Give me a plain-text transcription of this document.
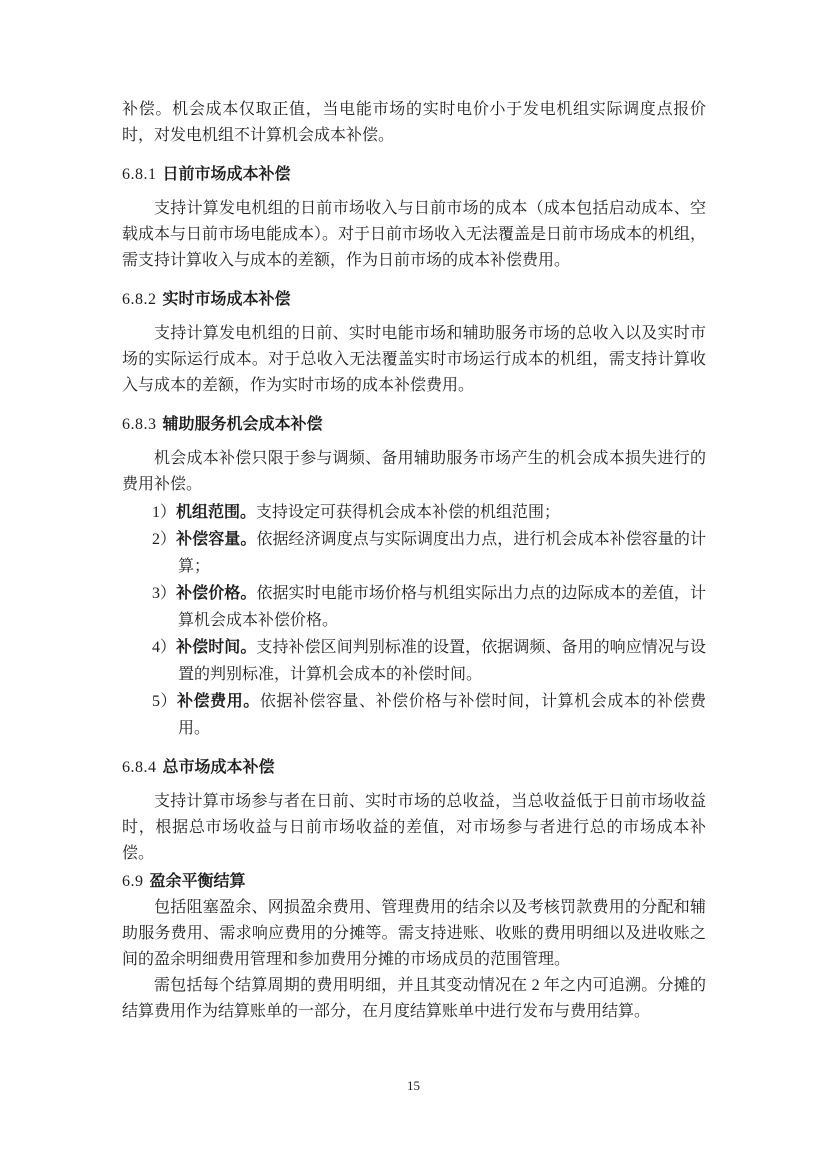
补偿。机会成本仅取正值，当电能市场的实时电价小于发电机组实际调度点报价时，对发电机组不计算机会成本补偿。

6.8.1 日前市场成本补偿

支持计算发电机组的日前市场收入与日前市场的成本（成本包括启动成本、空载成本与日前市场电能成本）。对于日前市场收入无法覆盖是日前市场成本的机组，需支持计算收入与成本的差额，作为日前市场的成本补偿费用。

6.8.2 实时市场成本补偿

支持计算发电机组的日前、实时电能市场和辅助服务市场的总收入以及实时市场的实际运行成本。对于总收入无法覆盖实时市场运行成本的机组，需支持计算收入与成本的差额，作为实时市场的成本补偿费用。

6.8.3 辅助服务机会成本补偿

机会成本补偿只限于参与调频、备用辅助服务市场产生的机会成本损失进行的费用补偿。

1）机组范围。支持设定可获得机会成本补偿的机组范围；
2）补偿容量。依据经济调度点与实际调度出力点，进行机会成本补偿容量的计算；
3）补偿价格。依据实时电能市场价格与机组实际出力点的边际成本的差值，计算机会成本补偿价格。
4）补偿时间。支持补偿区间判别标准的设置，依据调频、备用的响应情况与设置的判别标准，计算机会成本的补偿时间。
5）补偿费用。依据补偿容量、补偿价格与补偿时间，计算机会成本的补偿费用。
6.8.4 总市场成本补偿

支持计算市场参与者在日前、实时市场的总收益，当总收益低于日前市场收益时，根据总市场收益与日前市场收益的差值，对市场参与者进行总的市场成本补偿。

6.9 盈余平衡结算

包括阻塞盈余、网损盈余费用、管理费用的结余以及考核罚款费用的分配和辅助服务费用、需求响应费用的分摊等。需支持进账、收账的费用明细以及进收账之间的盈余明细费用管理和参加费用分摊的市场成员的范围管理。

需包括每个结算周期的费用明细，并且其变动情况在 2 年之内可追溯。分摊的结算费用作为结算账单的一部分，在月度结算账单中进行发布与费用结算。

15
